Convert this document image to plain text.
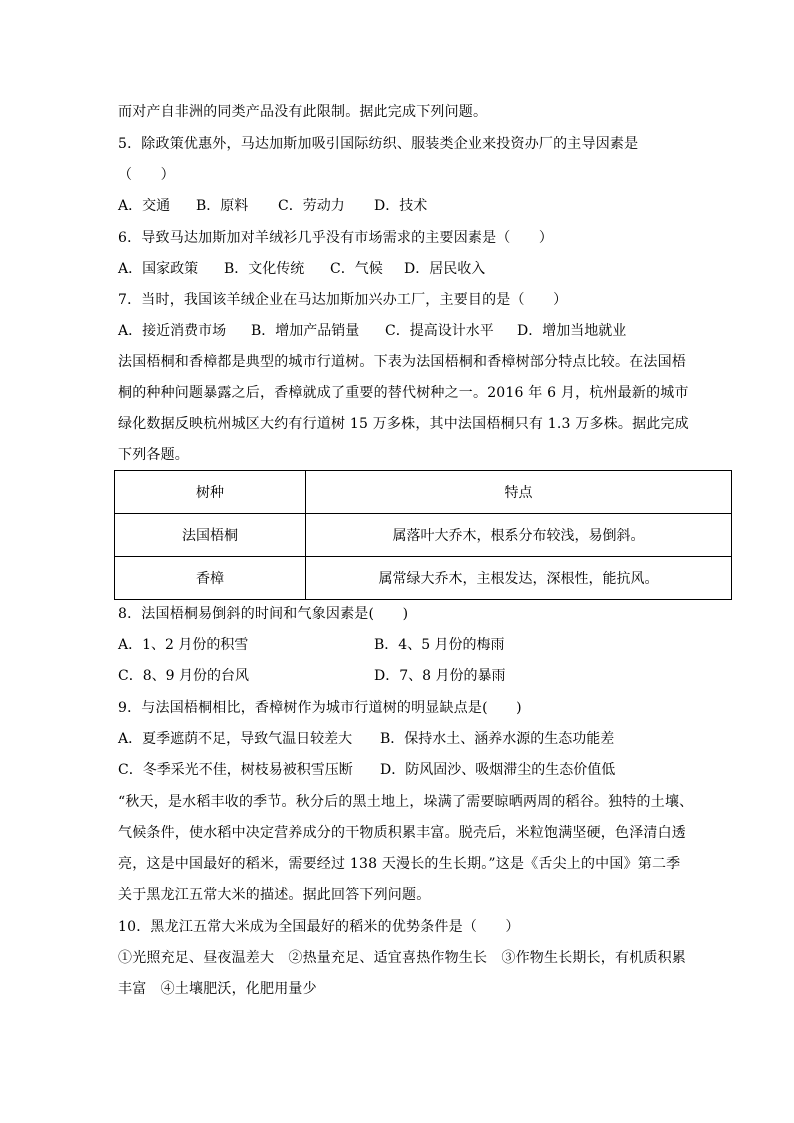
而对产自非洲的同类产品没有此限制。据此完成下列问题。
5．除政策优惠外，马达加斯加吸引国际纺织、服装类企业来投资办厂的主导因素是
（　　）
A．交通 B．原料 C．劳动力 D．技术
6．导致马达加斯加对羊绒衫几乎没有市场需求的主要因素是（　　）
A．国家政策 B．文化传统 C．气候 D．居民收入
7．当时，我国该羊绒企业在马达加斯加兴办工厂，主要目的是（　　）
A．接近消费市场 B．增加产品销量 C．提高设计水平 D．增加当地就业
法国梧桐和香樟都是典型的城市行道树。下表为法国梧桐和香樟树部分特点比较。在法国梧
桐的种种问题暴露之后，香樟就成了重要的替代树种之一。2016 年 6 月，杭州最新的城市
绿化数据反映杭州城区大约有行道树 15 万多株，其中法国梧桐只有 1.3 万多株。据此完成
下列各题。
树种	特点
法国梧桐	属落叶大乔木，根系分布较浅，易倒斜。
香樟	属常绿大乔木，主根发达，深根性，能抗风。
8．法国梧桐易倒斜的时间和气象因素是(　　)
A．1、2 月份的积雪	B．4、5 月份的梅雨
C．8、9 月份的台风	D．7、8 月份的暴雨
9．与法国梧桐相比，香樟树作为城市行道树的明显缺点是(　　)
A．夏季遮荫不足，导致气温日较差大 B．保持水土、涵养水源的生态功能差
C．冬季采光不佳，树枝易被积雪压断 D．防风固沙、吸烟滞尘的生态价值低
“秋天，是水稻丰收的季节。秋分后的黑土地上，垛满了需要晾晒两周的稻谷。独特的土壤、
气候条件，使水稻中决定营养成分的干物质积累丰富。脱壳后，米粒饱满坚硬，色泽清白透
亮，这是中国最好的稻米，需要经过 138 天漫长的生长期。”这是《舌尖上的中国》第二季
关于黑龙江五常大米的描述。据此回答下列问题。
10．黑龙江五常大米成为全国最好的稻米的优势条件是（　　）
①光照充足、昼夜温差大　②热量充足、适宜喜热作物生长　③作物生长期长，有机质积累
丰富　④土壤肥沃，化肥用量少
